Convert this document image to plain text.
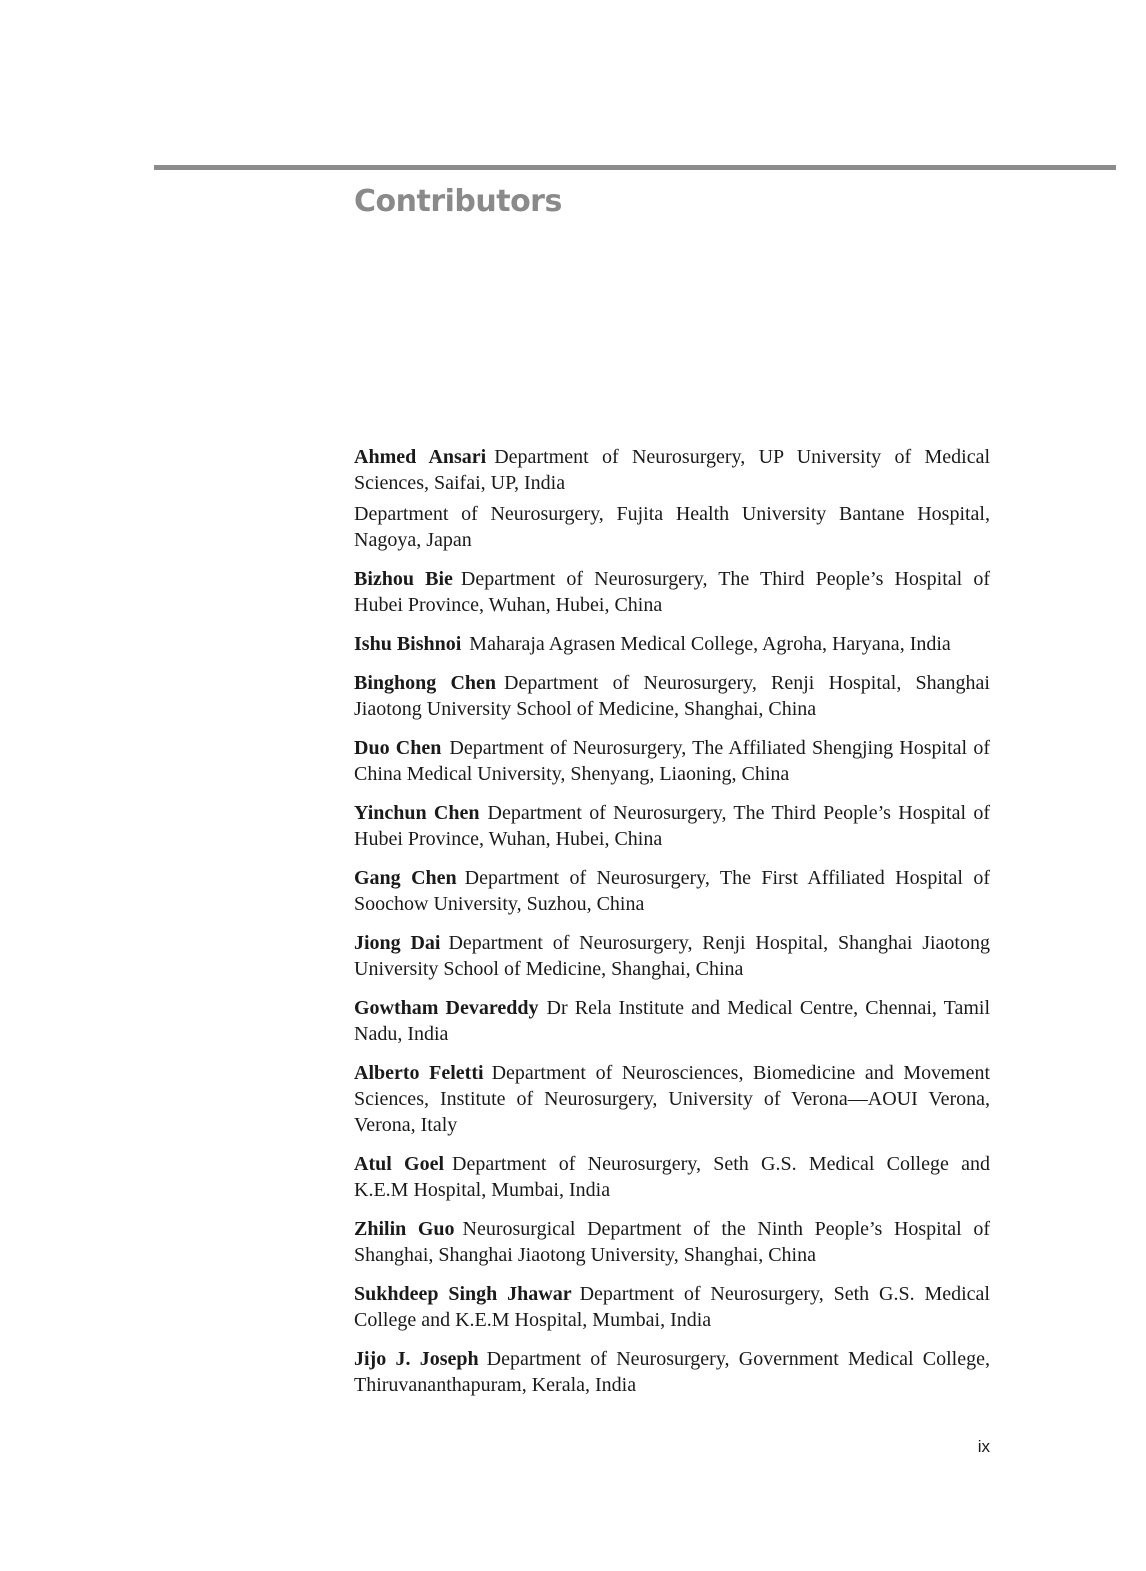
Contributors

Ahmed Ansari Department of Neurosurgery, UP University of Medical Sciences, Saifai, UP, India

Department of Neurosurgery, Fujita Health University Bantane Hospital, Nagoya, Japan

Bizhou Bie Department of Neurosurgery, The Third People’s Hospital of Hubei Province, Wuhan, Hubei, China

Ishu Bishnoi Maharaja Agrasen Medical College, Agroha, Haryana, India

Binghong Chen Department of Neurosurgery, Renji Hospital, Shanghai Jiaotong University School of Medicine, Shanghai, China

Duo Chen Department of Neurosurgery, The Affiliated Shengjing Hospital of China Medical University, Shenyang, Liaoning, China

Yinchun Chen Department of Neurosurgery, The Third People’s Hospital of Hubei Province, Wuhan, Hubei, China

Gang Chen Department of Neurosurgery, The First Affiliated Hospital of Soochow University, Suzhou, China

Jiong Dai Department of Neurosurgery, Renji Hospital, Shanghai Jiaotong University School of Medicine, Shanghai, China

Gowtham Devareddy Dr Rela Institute and Medical Centre, Chennai, Tamil Nadu, India

Alberto Feletti Department of Neurosciences, Biomedicine and Movement Sciences, Institute of Neurosurgery, University of Verona—AOUI Verona, Verona, Italy

Atul Goel Department of Neurosurgery, Seth G.S. Medical College and K.E.M Hospital, Mumbai, India

Zhilin Guo Neurosurgical Department of the Ninth People’s Hospital of Shanghai, Shanghai Jiaotong University, Shanghai, China

Sukhdeep Singh Jhawar Department of Neurosurgery, Seth G.S. Medical College and K.E.M Hospital, Mumbai, India

Jijo J. Joseph Department of Neurosurgery, Government Medical College, Thiruvananthapuram, Kerala, India

ix
